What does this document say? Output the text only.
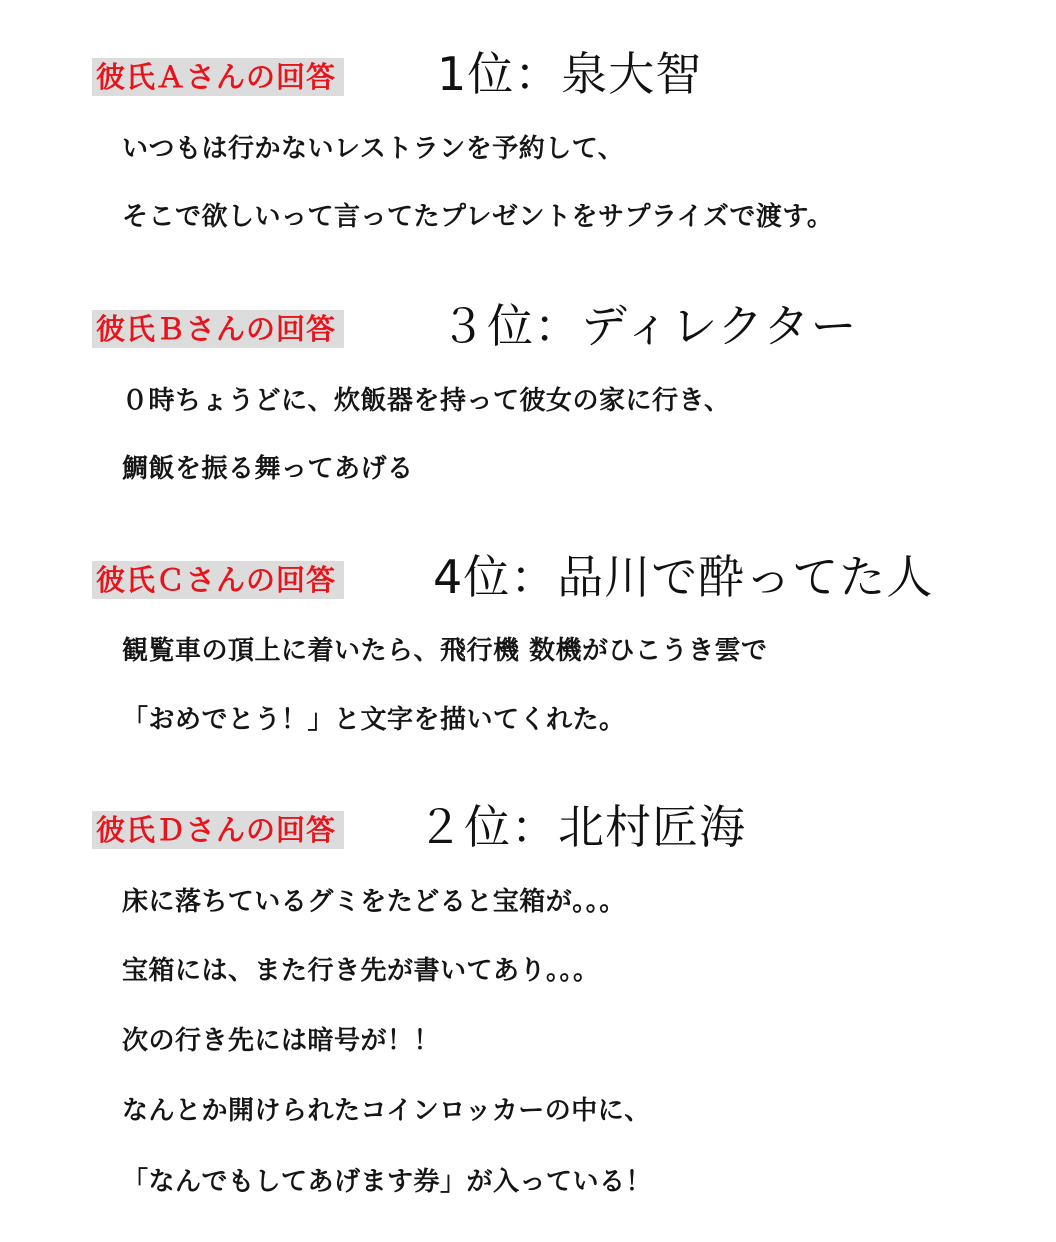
彼氏Ａさんの回答 1位：泉大智
いつもは行かないレストランを予約して、
そこで欲しいって言ってたプレゼントをサプライズで渡す。
彼氏Ｂさんの回答 ３位：ディレクター
０時ちょうどに、炊飯器を持って彼女の家に行き、
鯛飯を振る舞ってあげる
彼氏Ｃさんの回答 4位：品川で酔ってた人
観覧車の頂上に着いたら、飛行機 数機がひこうき雲で
「おめでとう！」と文字を描いてくれた。
彼氏Ｄさんの回答 ２位：北村匠海
床に落ちているグミをたどると宝箱が。。。
宝箱には、また行き先が書いてあり。。。
次の行き先には暗号が！！
なんとか開けられたコインロッカーの中に、
「なんでもしてあげます券」が入っている！
